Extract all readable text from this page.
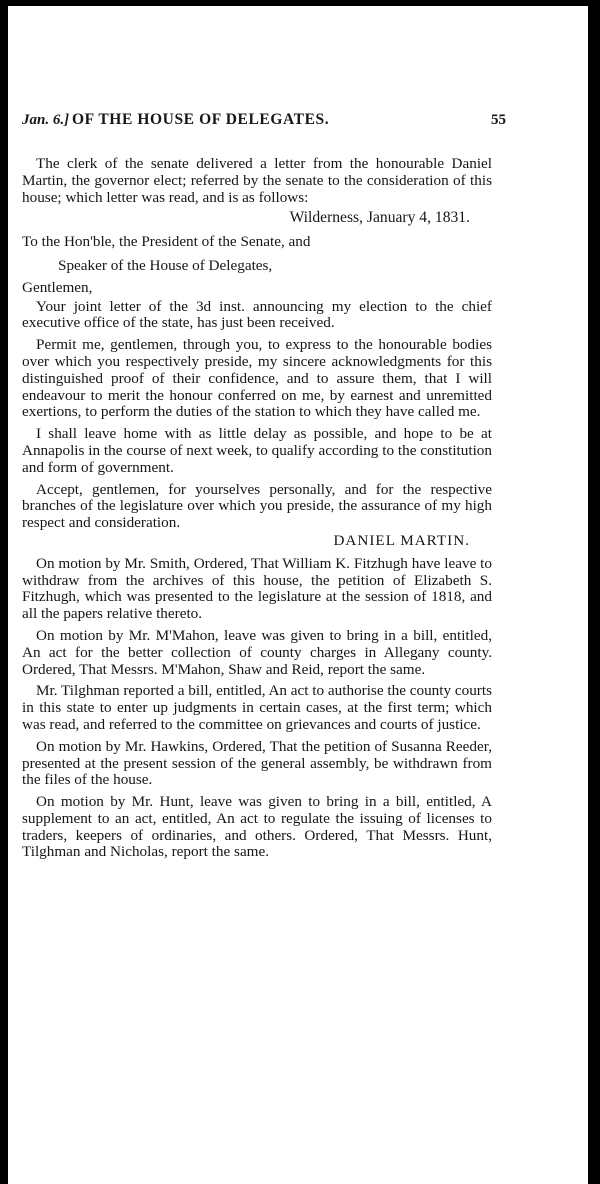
Jan. 6.] OF THE HOUSE OF DELEGATES.	55

The clerk of the senate delivered a letter from the honourable Daniel Martin, the governor elect; referred by the senate to the consideration of this house; which letter was read, and is as follows:

Wilderness, January 4, 1831.

To the Hon'ble, the President of the Senate, and

Speaker of the House of Delegates,

Gentlemen,

Your joint letter of the 3d inst. announcing my election to the chief executive office of the state, has just been received.

Permit me, gentlemen, through you, to express to the honourable bodies over which you respectively preside, my sincere acknowledgments for this distinguished proof of their confidence, and to assure them, that I will endeavour to merit the honour conferred on me, by earnest and unremitted exertions, to perform the duties of the station to which they have called me.

I shall leave home with as little delay as possible, and hope to be at Annapolis in the course of next week, to qualify according to the constitution and form of government.

Accept, gentlemen, for yourselves personally, and for the respective branches of the legislature over which you preside, the assurance of my high respect and consideration.

DANIEL MARTIN.

On motion by Mr. Smith, Ordered, That William K. Fitzhugh have leave to withdraw from the archives of this house, the petition of Elizabeth S. Fitzhugh, which was presented to the legislature at the session of 1818, and all the papers relative thereto.

On motion by Mr. M'Mahon, leave was given to bring in a bill, entitled, An act for the better collection of county charges in Allegany county. Ordered, That Messrs. M'Mahon, Shaw and Reid, report the same.

Mr. Tilghman reported a bill, entitled, An act to authorise the county courts in this state to enter up judgments in certain cases, at the first term; which was read, and referred to the committee on grievances and courts of justice.

On motion by Mr. Hawkins, Ordered, That the petition of Susanna Reeder, presented at the present session of the general assembly, be withdrawn from the files of the house.

On motion by Mr. Hunt, leave was given to bring in a bill, entitled, A supplement to an act, entitled, An act to regulate the issuing of licenses to traders, keepers of ordinaries, and others. Ordered, That Messrs. Hunt, Tilghman and Nicholas, report the same.
